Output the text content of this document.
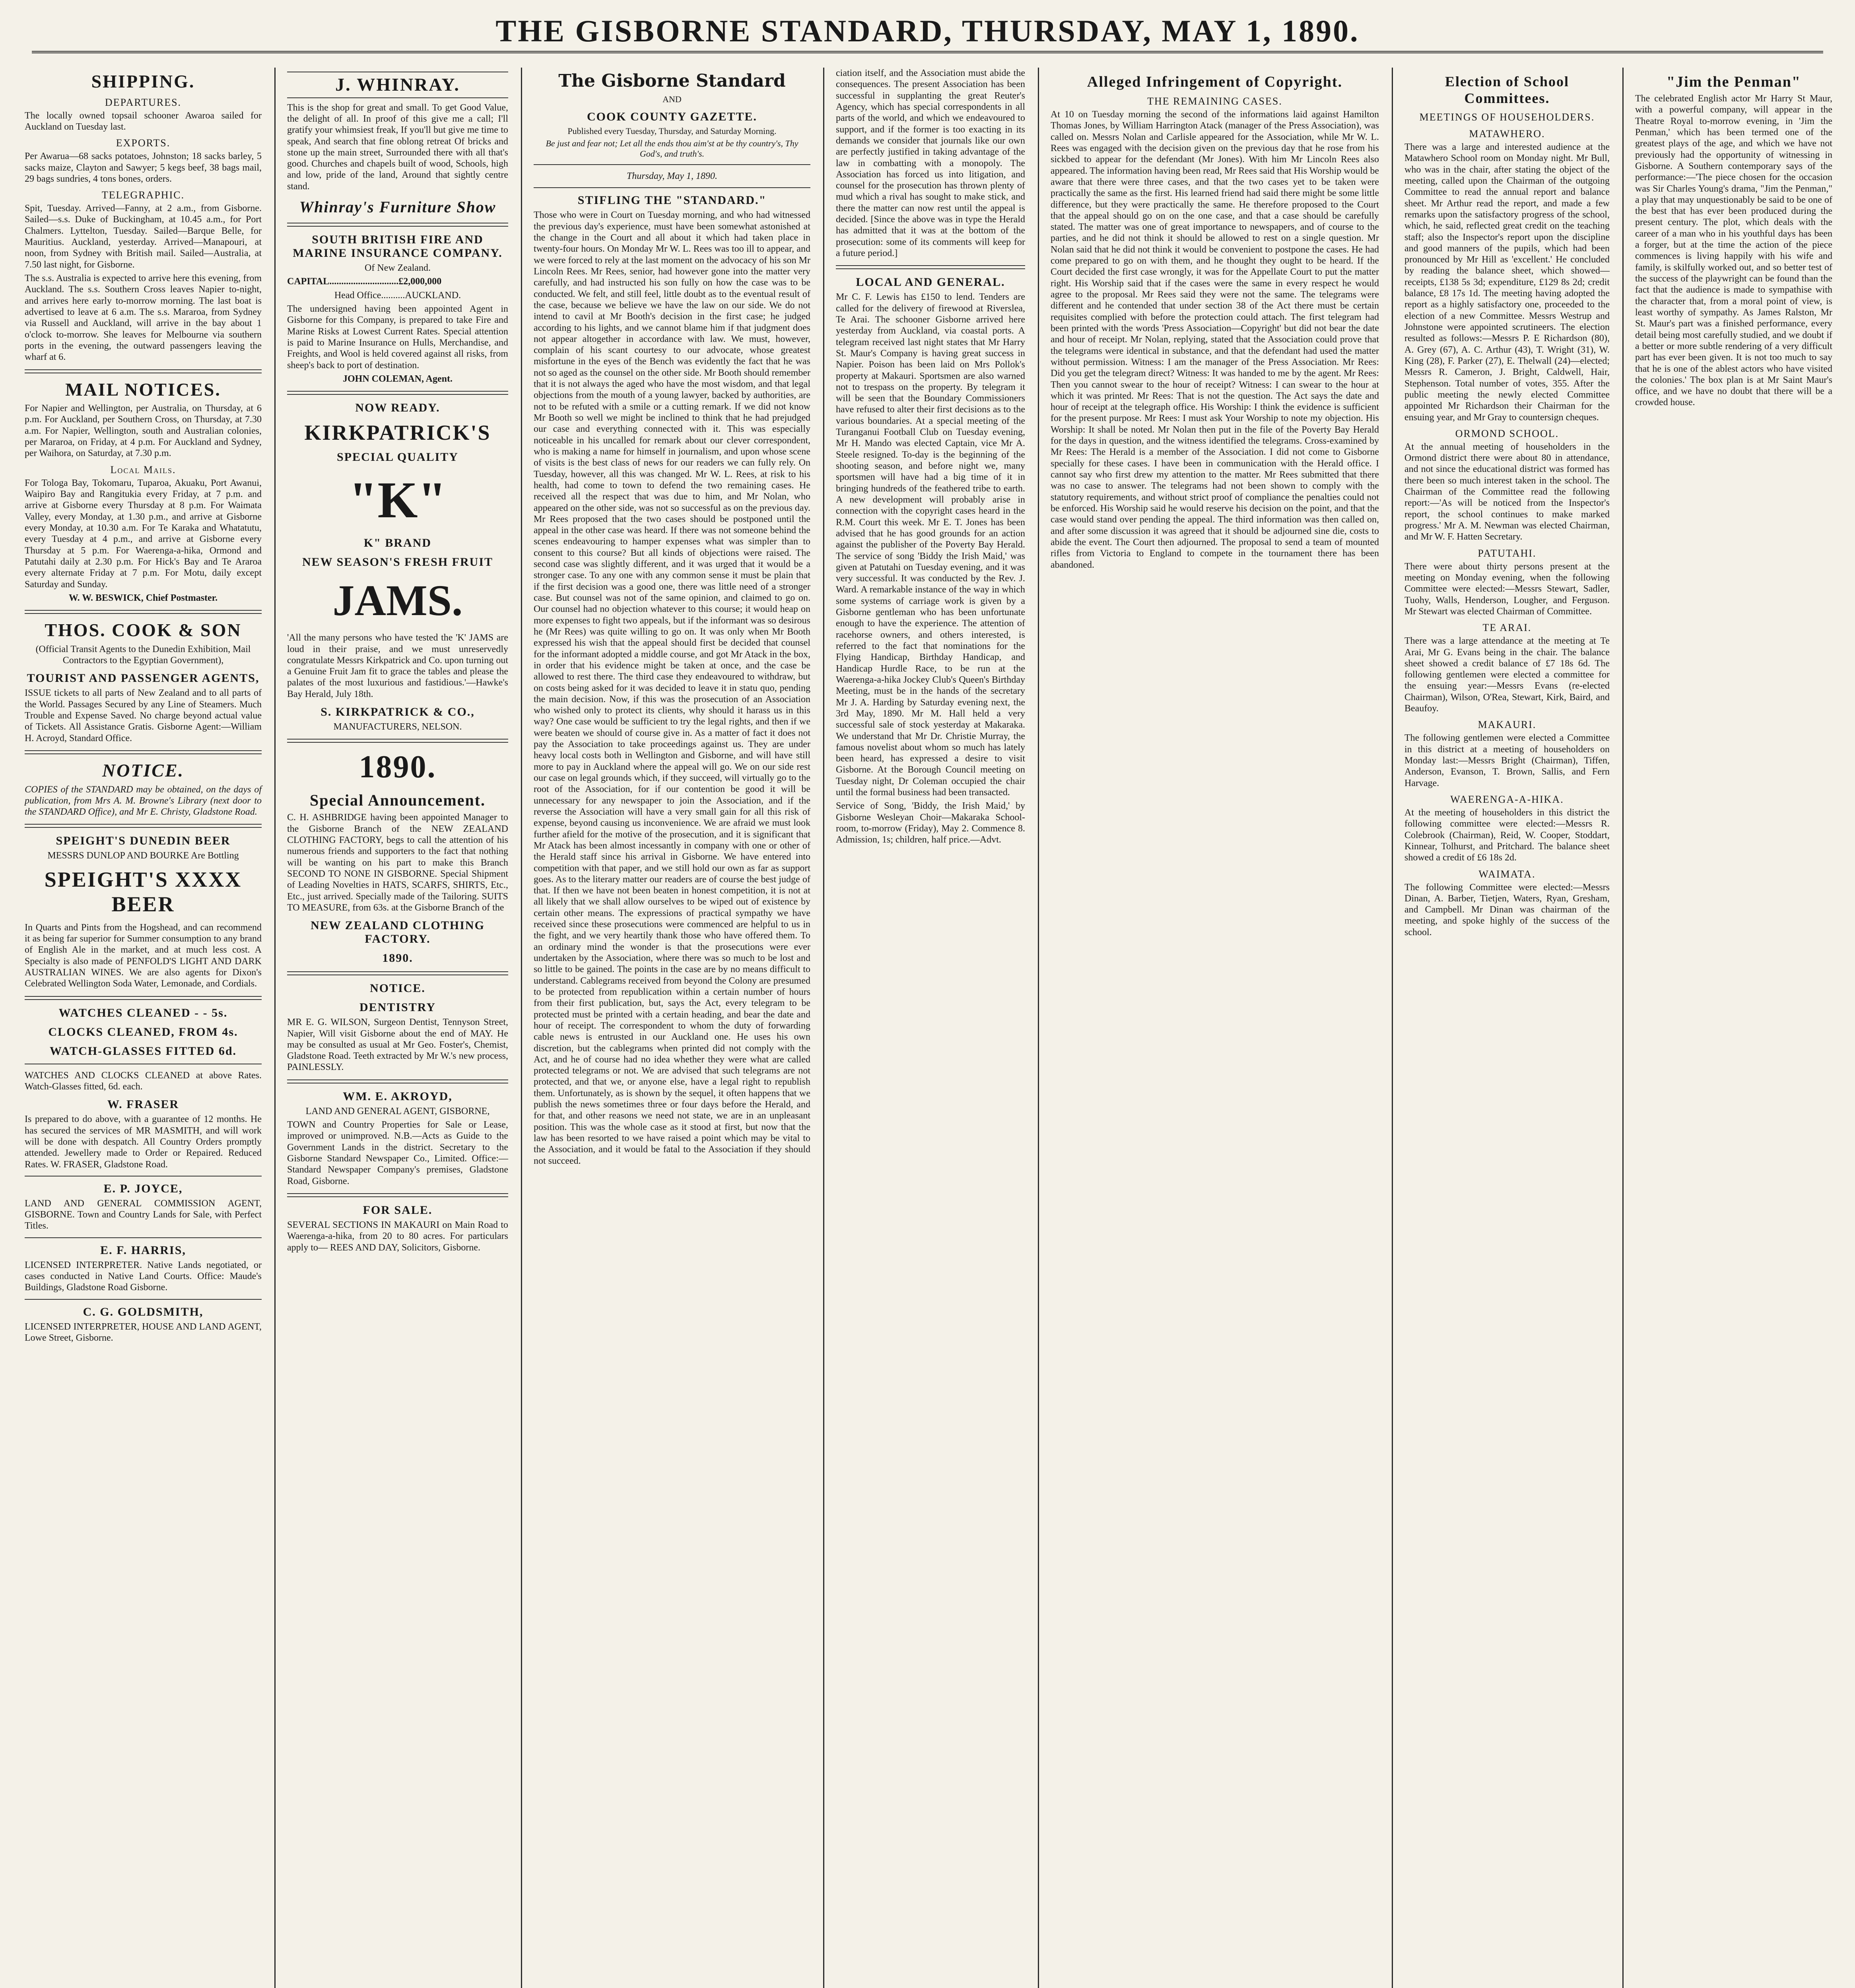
THE GISBORNE STANDARD, THURSDAY, MAY 1, 1890.
SHIPPING.
DEPARTURES.

The locally owned topsail schooner Awaroa sailed for Auckland on Tuesday last.

EXPORTS.

Per Awarua—68 sacks potatoes, Johnston; 18 sacks barley, 5 sacks maize, Clayton and Sawyer; 5 kegs beef, 38 bags mail, 29 bags sundries, 4 tons bones, orders.

TELEGRAPHIC.

Spit, Tuesday. Arrived—Fanny, at 2 a.m., from Gisborne. Sailed—s.s. Duke of Buckingham, at 10.45 a.m., for Port Chalmers. Lyttelton, Tuesday. Sailed—Barque Belle, for Mauritius. Auckland, yesterday. Arrived—Manapouri, at noon, from Sydney with British mail. Sailed—Australia, at 7.50 last night, for Gisborne.

The s.s. Australia is expected to arrive here this evening, from Auckland. The s.s. Southern Cross leaves Napier to-night, and arrives here early to-morrow morning. The last boat is advertised to leave at 6 a.m. The s.s. Mararoa, from Sydney via Russell and Auckland, will arrive in the bay about 1 o'clock to-morrow. She leaves for Melbourne via southern ports in the evening, the outward passengers leaving the wharf at 6.

MAIL NOTICES.

For Napier and Wellington, per Australia, on Thursday, at 6 p.m. For Auckland, per Southern Cross, on Thursday, at 7.30 a.m. For Napier, Wellington, south and Australian colonies, per Mararoa, on Friday, at 4 p.m. For Auckland and Sydney, per Waihora, on Saturday, at 7.30 p.m.

Local Mails.

For Tologa Bay, Tokomaru, Tuparoa, Akuaku, Port Awanui, Waipiro Bay and Rangitukia every Friday, at 7 p.m. and arrive at Gisborne every Thursday at 8 p.m. For Waimata Valley, every Monday, at 1.30 p.m., and arrive at Gisborne every Monday, at 10.30 a.m. For Te Karaka and Whatatutu, every Tuesday at 4 p.m., and arrive at Gisborne every Thursday at 5 p.m. For Waerenga-a-hika, Ormond and Patutahi daily at 2.30 p.m. For Hick's Bay and Te Araroa every alternate Friday at 7 p.m. For Motu, daily except Saturday and Sunday.

W. W. BESWICK, Chief Postmaster.

THOS. COOK & SON

(Official Transit Agents to the Dunedin Exhibition, Mail Contractors to the Egyptian Government),

TOURIST AND PASSENGER AGENTS,

ISSUE tickets to all parts of New Zealand and to all parts of the World. Passages Secured by any Line of Steamers. Much Trouble and Expense Saved. No charge beyond actual value of Tickets. All Assistance Gratis. Gisborne Agent:—William H. Acroyd, Standard Office.

NOTICE.

COPIES of the STANDARD may be obtained, on the days of publication, from Mrs A. M. Browne's Library (next door to the STANDARD Office), and Mr E. Christy, Gladstone Road.

SPEIGHT'S DUNEDIN BEER

MESSRS DUNLOP AND BOURKE Are Bottling

SPEIGHT'S XXXX BEER

In Quarts and Pints from the Hogshead, and can recommend it as being far superior for Summer consumption to any brand of English Ale in the market, and at much less cost. A Specialty is also made of PENFOLD'S LIGHT AND DARK AUSTRALIAN WINES. We are also agents for Dixon's Celebrated Wellington Soda Water, Lemonade, and Cordials.

WATCHES CLEANED - - 5s.
CLOCKS CLEANED, FROM 4s.
WATCH-GLASSES FITTED 6d.

WATCHES AND CLOCKS CLEANED at above Rates. Watch-Glasses fitted, 6d. each.

W. FRASER

Is prepared to do above, with a guarantee of 12 months. He has secured the services of MR MASMITH, and will work will be done with despatch. All Country Orders promptly attended. Jewellery made to Order or Repaired. Reduced Rates. W. FRASER, Gladstone Road.

E. P. JOYCE,

LAND AND GENERAL COMMISSION AGENT, GISBORNE. Town and Country Lands for Sale, with Perfect Titles.

E. F. HARRIS,

LICENSED INTERPRETER. Native Lands negotiated, or cases conducted in Native Land Courts. Office: Maude's Buildings, Gladstone Road Gisborne.

C. G. GOLDSMITH,

LICENSED INTERPRETER, HOUSE AND LAND AGENT, Lowe Street, Gisborne.

J. WHINRAY.

This is the shop for great and small. To get Good Value, the delight of all. In proof of this give me a call; I'll gratify your whimsiest freak, If you'll but give me time to speak, And search that fine oblong retreat Of bricks and stone up the main street, Surrounded there with all that's good. Churches and chapels built of wood, Schools, high and low, pride of the land, Around that sightly centre stand.

Whinray's Furniture Show
SOUTH BRITISH FIRE AND MARINE INSURANCE COMPANY.

Of New Zealand.

CAPITAL.............................£2,000,000

Head Office..........AUCKLAND.

The undersigned having been appointed Agent in Gisborne for this Company, is prepared to take Fire and Marine Risks at Lowest Current Rates. Special attention is paid to Marine Insurance on Hulls, Merchandise, and Freights, and Wool is held covered against all risks, from sheep's back to port of destination.

JOHN COLEMAN, Agent.

NOW READY.
KIRKPATRICK'S
SPECIAL QUALITY
"K"
K" BRAND
NEW SEASON'S FRESH FRUIT
JAMS.

'All the many persons who have tested the 'K' JAMS are loud in their praise, and we must unreservedly congratulate Messrs Kirkpatrick and Co. upon turning out a Genuine Fruit Jam fit to grace the tables and please the palates of the most luxurious and fastidious.'—Hawke's Bay Herald, July 18th.

S. KIRKPATRICK & CO.,

MANUFACTURERS, NELSON.

1890.
Special Announcement.

C. H. ASHBRIDGE having been appointed Manager to the Gisborne Branch of the NEW ZEALAND CLOTHING FACTORY, begs to call the attention of his numerous friends and supporters to the fact that nothing will be wanting on his part to make this Branch SECOND TO NONE IN GISBORNE. Special Shipment of Leading Novelties in HATS, SCARFS, SHIRTS, Etc., Etc., just arrived. Specially made of the Tailoring. SUITS TO MEASURE, from 63s. at the Gisborne Branch of the

NEW ZEALAND CLOTHING FACTORY.
1890.
NOTICE.
DENTISTRY

MR E. G. WILSON, Surgeon Dentist, Tennyson Street, Napier, Will visit Gisborne about the end of MAY. He may be consulted as usual at Mr Geo. Foster's, Chemist, Gladstone Road. Teeth extracted by Mr W.'s new process, PAINLESSLY.

WM. E. AKROYD,

LAND AND GENERAL AGENT, GISBORNE,

TOWN and Country Properties for Sale or Lease, improved or unimproved. N.B.—Acts as Guide to the Government Lands in the district. Secretary to the Gisborne Standard Newspaper Co., Limited. Office:—Standard Newspaper Company's premises, Gladstone Road, Gisborne.

FOR SALE.

SEVERAL SECTIONS IN MAKAURI on Main Road to Waerenga-a-hika, from 20 to 80 acres. For particulars apply to— REES AND DAY, Solicitors, Gisborne.

The Gisborne Standard

AND

COOK COUNTY GAZETTE.

Published every Tuesday, Thursday, and Saturday Morning.

Be just and fear not; Let all the ends thou aim'st at be thy country's, Thy God's, and truth's.

Thursday, May 1, 1890.

STIFLING THE "STANDARD."

Those who were in Court on Tuesday morning, and who had witnessed the previous day's experience, must have been somewhat astonished at the change in the Court and all about it which had taken place in twenty-four hours. On Monday Mr W. L. Rees was too ill to appear, and we were forced to rely at the last moment on the advocacy of his son Mr Lincoln Rees. Mr Rees, senior, had however gone into the matter very carefully, and had instructed his son fully on how the case was to be conducted. We felt, and still feel, little doubt as to the eventual result of the case, because we believe we have the law on our side. We do not intend to cavil at Mr Booth's decision in the first case; he judged according to his lights, and we cannot blame him if that judgment does not appear altogether in accordance with law. We must, however, complain of his scant courtesy to our advocate, whose greatest misfortune in the eyes of the Bench was evidently the fact that he was not so aged as the counsel on the other side. Mr Booth should remember that it is not always the aged who have the most wisdom, and that legal objections from the mouth of a young lawyer, backed by authorities, are not to be refuted with a smile or a cutting remark. If we did not know Mr Booth so well we might be inclined to think that he had prejudged our case and everything connected with it. This was especially noticeable in his uncalled for remark about our clever correspondent, who is making a name for himself in journalism, and upon whose scene of visits is the best class of news for our readers we can fully rely. On Tuesday, however, all this was changed. Mr W. L. Rees, at risk to his health, had come to town to defend the two remaining cases. He received all the respect that was due to him, and Mr Nolan, who appeared on the other side, was not so successful as on the previous day. Mr Rees proposed that the two cases should be postponed until the appeal in the other case was heard. If there was not someone behind the scenes endeavouring to hamper expenses what was simpler than to consent to this course? But all kinds of objections were raised. The second case was slightly different, and it was urged that it would be a stronger case. To any one with any common sense it must be plain that if the first decision was a good one, there was little need of a stronger case. But counsel was not of the same opinion, and claimed to go on. Our counsel had no objection whatever to this course; it would heap on more expenses to fight two appeals, but if the informant was so desirous he (Mr Rees) was quite willing to go on. It was only when Mr Booth expressed his wish that the appeal should first be decided that counsel for the informant adopted a middle course, and got Mr Atack in the box, in order that his evidence might be taken at once, and the case be allowed to rest there. The third case they endeavoured to withdraw, but on costs being asked for it was decided to leave it in statu quo, pending the main decision. Now, if this was the prosecution of an Association who wished only to protect its clients, why should it harass us in this way? One case would be sufficient to try the legal rights, and then if we were beaten we should of course give in. As a matter of fact it does not pay the Association to take proceedings against us. They are under heavy local costs both in Wellington and Gisborne, and will have still more to pay in Auckland where the appeal will go. We on our side rest our case on legal grounds which, if they succeed, will virtually go to the root of the Association, for if our contention be good it will be unnecessary for any newspaper to join the Association, and if the reverse the Association will have a very small gain for all this risk of expense, beyond causing us inconvenience. We are afraid we must look further afield for the motive of the prosecution, and it is significant that Mr Atack has been almost incessantly in company with one or other of the Herald staff since his arrival in Gisborne. We have entered into competition with that paper, and we still hold our own as far as support goes. As to the literary matter our readers are of course the best judge of that. If then we have not been beaten in honest competition, it is not at all likely that we shall allow ourselves to be wiped out of existence by certain other means. The expressions of practical sympathy we have received since these prosecutions were commenced are helpful to us in the fight, and we very heartily thank those who have offered them. To an ordinary mind the wonder is that the prosecutions were ever undertaken by the Association, where there was so much to be lost and so little to be gained. The points in the case are by no means difficult to understand. Cablegrams received from beyond the Colony are presumed to be protected from republication within a certain number of hours from their first publication, but, says the Act, every telegram to be protected must be printed with a certain heading, and bear the date and hour of receipt. The correspondent to whom the duty of forwarding cable news is entrusted in our Auckland one. He uses his own discretion, but the cablegrams when printed did not comply with the Act, and he of course had no idea whether they were what are called protected telegrams or not. We are advised that such telegrams are not protected, and that we, or anyone else, have a legal right to republish them. Unfortunately, as is shown by the sequel, it often happens that we publish the news sometimes three or four days before the Herald, and for that, and other reasons we need not state, we are in an unpleasant position. This was the whole case as it stood at first, but now that the law has been resorted to we have raised a point which may be vital to the Association, and it would be fatal to the Association if they should not succeed.

ciation itself, and the Association must abide the consequences. The present Association has been successful in supplanting the great Reuter's Agency, which has special correspondents in all parts of the world, and which we endeavoured to support, and if the former is too exacting in its demands we consider that journals like our own are perfectly justified in taking advantage of the law in combatting with a monopoly. The Association has forced us into litigation, and counsel for the prosecution has thrown plenty of mud which a rival has sought to make stick, and there the matter can now rest until the appeal is decided. [Since the above was in type the Herald has admitted that it was at the bottom of the prosecution: some of its comments will keep for a future period.]

LOCAL AND GENERAL.

Mr C. F. Lewis has £150 to lend. Tenders are called for the delivery of firewood at Riverslea, Te Arai. The schooner Gisborne arrived here yesterday from Auckland, via coastal ports. A telegram received last night states that Mr Harry St. Maur's Company is having great success in Napier. Poison has been laid on Mrs Pollok's property at Makauri. Sportsmen are also warned not to trespass on the property. By telegram it will be seen that the Boundary Commissioners have refused to alter their first decisions as to the various boundaries. At a special meeting of the Turanganui Football Club on Tuesday evening, Mr H. Mando was elected Captain, vice Mr A. Steele resigned. To-day is the beginning of the shooting season, and before night we, many sportsmen will have had a big time of it in bringing hundreds of the feathered tribe to earth. A new development will probably arise in connection with the copyright cases heard in the R.M. Court this week. Mr E. T. Jones has been advised that he has good grounds for an action against the publisher of the Poverty Bay Herald. The service of song 'Biddy the Irish Maid,' was given at Patutahi on Tuesday evening, and it was very successful. It was conducted by the Rev. J. Ward. A remarkable instance of the way in which some systems of carriage work is given by a Gisborne gentleman who has been unfortunate enough to have the experience. The attention of racehorse owners, and others interested, is referred to the fact that nominations for the Flying Handicap, Birthday Handicap, and Handicap Hurdle Race, to be run at the Waerenga-a-hika Jockey Club's Queen's Birthday Meeting, must be in the hands of the secretary Mr J. A. Harding by Saturday evening next, the 3rd May, 1890. Mr M. Hall held a very successful sale of stock yesterday at Makaraka. We understand that Mr Dr. Christie Murray, the famous novelist about whom so much has lately been heard, has expressed a desire to visit Gisborne. At the Borough Council meeting on Tuesday night, Dr Coleman occupied the chair until the formal business had been transacted.

Service of Song, 'Biddy, the Irish Maid,' by Gisborne Wesleyan Choir—Makaraka School-room, to-morrow (Friday), May 2. Commence 8. Admission, 1s; children, half price.—Advt.

Alleged Infringement of Copyright.
THE REMAINING CASES.

At 10 on Tuesday morning the second of the informations laid against Hamilton Thomas Jones, by William Harrington Atack (manager of the Press Association), was called on. Messrs Nolan and Carlisle appeared for the Association, while Mr W. L. Rees was engaged with the decision given on the previous day that he rose from his sickbed to appear for the defendant (Mr Jones). With him Mr Lincoln Rees also appeared. The information having been read, Mr Rees said that His Worship would be aware that there were three cases, and that the two cases yet to be taken were practically the same as the first. His learned friend had said there might be some little difference, but they were practically the same. He therefore proposed to the Court that the appeal should go on on the one case, and that a case should be carefully stated. The matter was one of great importance to newspapers, and of course to the parties, and he did not think it should be allowed to rest on a single question. Mr Nolan said that he did not think it would be convenient to postpone the cases. He had come prepared to go on with them, and he thought they ought to be heard. If the Court decided the first case wrongly, it was for the Appellate Court to put the matter right. His Worship said that if the cases were the same in every respect he would agree to the proposal. Mr Rees said they were not the same. The telegrams were different and he contended that under section 38 of the Act there must be certain requisites complied with before the protection could attach. The first telegram had been printed with the words 'Press Association—Copyright' but did not bear the date and hour of receipt. Mr Nolan, replying, stated that the Association could prove that the telegrams were identical in substance, and that the defendant had used the matter without permission. Witness: I am the manager of the Press Association. Mr Rees: Did you get the telegram direct? Witness: It was handed to me by the agent. Mr Rees: Then you cannot swear to the hour of receipt? Witness: I can swear to the hour at which it was printed. Mr Rees: That is not the question. The Act says the date and hour of receipt at the telegraph office. His Worship: I think the evidence is sufficient for the present purpose. Mr Rees: I must ask Your Worship to note my objection. His Worship: It shall be noted. Mr Nolan then put in the file of the Poverty Bay Herald for the days in question, and the witness identified the telegrams. Cross-examined by Mr Rees: The Herald is a member of the Association. I did not come to Gisborne specially for these cases. I have been in communication with the Herald office. I cannot say who first drew my attention to the matter. Mr Rees submitted that there was no case to answer. The telegrams had not been shown to comply with the statutory requirements, and without strict proof of compliance the penalties could not be enforced. His Worship said he would reserve his decision on the point, and that the case would stand over pending the appeal. The third information was then called on, and after some discussion it was agreed that it should be adjourned sine die, costs to abide the event. The Court then adjourned. The proposal to send a team of mounted rifles from Victoria to England to compete in the tournament there has been abandoned.

Election of School Committees.
MEETINGS OF HOUSEHOLDERS.
MATAWHERO.

There was a large and interested audience at the Matawhero School room on Monday night. Mr Bull, who was in the chair, after stating the object of the meeting, called upon the Chairman of the outgoing Committee to read the annual report and balance sheet. Mr Arthur read the report, and made a few remarks upon the satisfactory progress of the school, which, he said, reflected great credit on the teaching staff; also the Inspector's report upon the discipline and good manners of the pupils, which had been pronounced by Mr Hill as 'excellent.' He concluded by reading the balance sheet, which showed—receipts, £138 5s 3d; expenditure, £129 8s 2d; credit balance, £8 17s 1d. The meeting having adopted the report as a highly satisfactory one, proceeded to the election of a new Committee. Messrs Westrup and Johnstone were appointed scrutineers. The election resulted as follows:—Messrs P. E Richardson (80), A. Grey (67), A. C. Arthur (43), T. Wright (31), W. King (28), F. Parker (27), E. Thelwall (24)—elected; Messrs R. Cameron, J. Bright, Caldwell, Hair, Stephenson. Total number of votes, 355. After the public meeting the newly elected Committee appointed Mr Richardson their Chairman for the ensuing year, and Mr Gray to countersign cheques.

ORMOND SCHOOL.

At the annual meeting of householders in the Ormond district there were about 80 in attendance, and not since the educational district was formed has there been so much interest taken in the school. The Chairman of the Committee read the following report:—'As will be noticed from the Inspector's report, the school continues to make marked progress.' Mr A. M. Newman was elected Chairman, and Mr W. F. Hatten Secretary.

PATUTAHI.

There were about thirty persons present at the meeting on Monday evening, when the following Committee were elected:—Messrs Stewart, Sadler, Tuohy, Walls, Henderson, Lougher, and Ferguson. Mr Stewart was elected Chairman of Committee.

TE ARAI.

There was a large attendance at the meeting at Te Arai, Mr G. Evans being in the chair. The balance sheet showed a credit balance of £7 18s 6d. The following gentlemen were elected a committee for the ensuing year:—Messrs Evans (re-elected Chairman), Wilson, O'Rea, Stewart, Kirk, Baird, and Beaufoy.

MAKAURI.

The following gentlemen were elected a Committee in this district at a meeting of householders on Monday last:—Messrs Bright (Chairman), Tiffen, Anderson, Evanson, T. Brown, Sallis, and Fern Harvage.

WAERENGA-A-HIKA.

At the meeting of householders in this district the following committee were elected:—Messrs R. Colebrook (Chairman), Reid, W. Cooper, Stoddart, Kinnear, Tolhurst, and Pritchard. The balance sheet showed a credit of £6 18s 2d.

WAIMATA.

The following Committee were elected:—Messrs Dinan, A. Barber, Tietjen, Waters, Ryan, Gresham, and Campbell. Mr Dinan was chairman of the meeting, and spoke highly of the success of the school.

"Jim the Penman"

The celebrated English actor Mr Harry St Maur, with a powerful company, will appear in the Theatre Royal to-morrow evening, in 'Jim the Penman,' which has been termed one of the greatest plays of the age, and which we have not previously had the opportunity of witnessing in Gisborne. A Southern contemporary says of the performance:—'The piece chosen for the occasion was Sir Charles Young's drama, "Jim the Penman," a play that may unquestionably be said to be one of the best that has ever been produced during the present century. The plot, which deals with the career of a man who in his youthful days has been a forger, but at the time the action of the piece commences is living happily with his wife and family, is skilfully worked out, and so better test of the success of the playwright can be found than the fact that the audience is made to sympathise with the character that, from a moral point of view, is least worthy of sympathy. As James Ralston, Mr St. Maur's part was a finished performance, every detail being most carefully studied, and we doubt if a better or more subtle rendering of a very difficult part has ever been given. It is not too much to say that he is one of the ablest actors who have visited the colonies.' The box plan is at Mr Saint Maur's office, and we have no doubt that there will be a crowded house.
